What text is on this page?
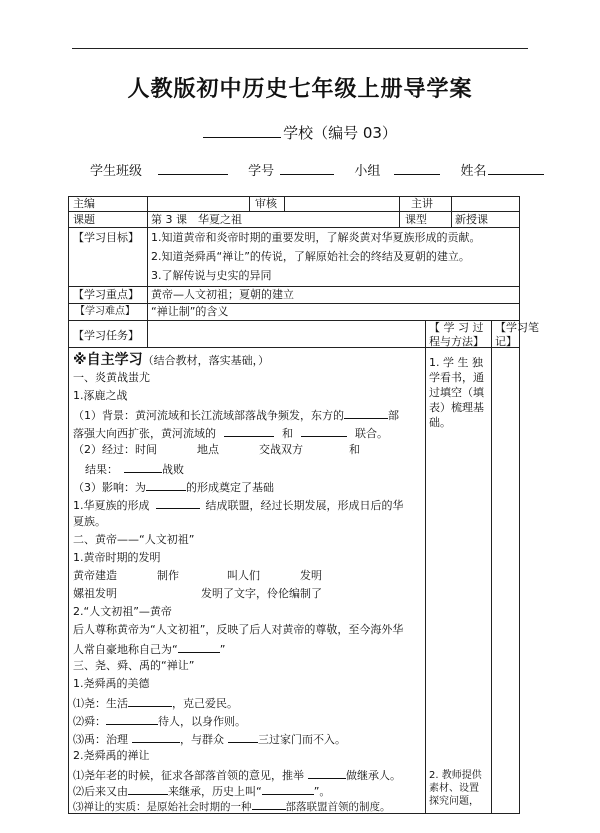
人教版初中历史七年级上册导学案
学校（编号 03）
学生班级	学号	小组	姓名
主编	审核	主讲
课题	第 3 课　华夏之祖	课型	新授课
【学习目标】 1.知道黄帝和炎帝时期的重要发明，了解炎黄对华夏族形成的贡献。
2.知道尧舜禹“禅让”的传说，了解原始社会的终结及夏朝的建立。
3.了解传说与史实的异同
【学习重点】 黄帝—人文初祖；夏朝的建立
【学习难点】 “禅让制”的含义
【学习任务】
【 学 习 过
程与方法】
【学习笔
记】
※自主学习（结合教材，落实基础，）
一、炎黄战蚩尤
1.涿鹿之战
（1）背景：黄河流域和长江流域部落战争频发，东方的	部
落强大向西扩张，黄河流域的	和	联合。
（2）经过：时间	地点	交战双方	和
结果：	战败
（3）影响：为	的形成奠定了基础
1.华夏族的形成	结成联盟，经过长期发展，形成日后的华
夏族。
二、黄帝——“人文初祖”
1.黄帝时期的发明
黄帝建造	制作	叫人们	发明
嫘祖发明	发明了文字，伶伦编制了
2.“人文初祖”—黄帝
后人尊称黄帝为“人文初祖”，反映了后人对黄帝的尊敬，至今海外华
人常自豪地称自己为“	”
三、尧、舜、禹的“禅让”
1.尧舜禹的美德
⑴尧：生活	，克己爱民。
⑵舜：	待人，以身作则。
⑶禹：治理	，与群众	三过家门而不入。
2.尧舜禹的禅让
⑴尧年老的时候，征求各部落首领的意见，推举	做继承人。
⑵后来又由	来继承，历史上叫“	”。
⑶禅让的实质：是原始社会时期的一种	部落联盟首领的制度。
1. 学 生 独
学看书，通
过填空（填
表）梳理基
础。
2. 教师提供
素材、设置
探究问题，
